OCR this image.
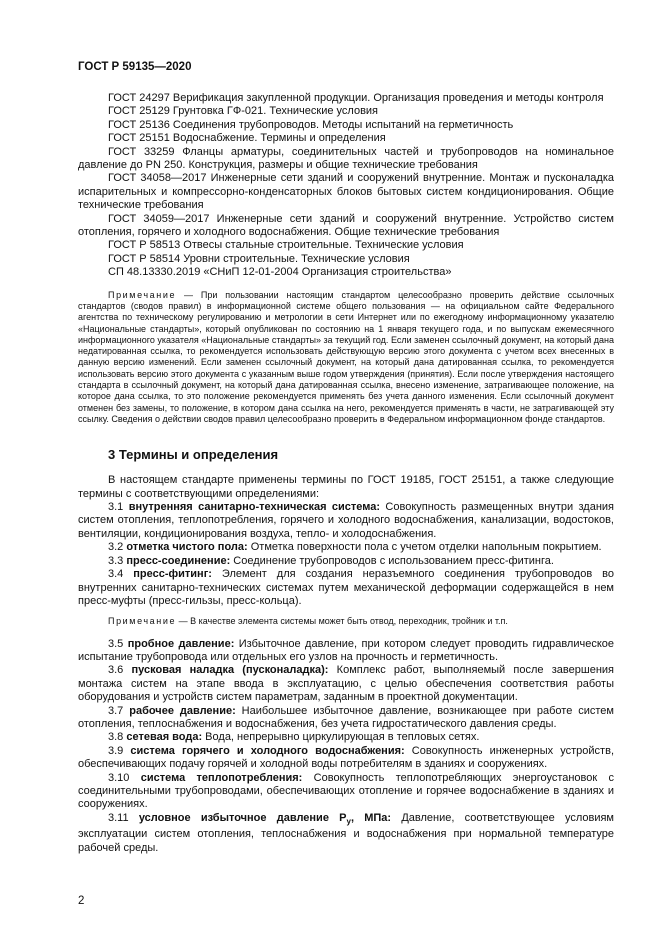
ГОСТ Р 59135—2020

ГОСТ 24297 Верификация закупленной продукции. Организация проведения и методы контроля

ГОСТ 25129 Грунтовка ГФ-021. Технические условия

ГОСТ 25136 Соединения трубопроводов. Методы испытаний на герметичность

ГОСТ 25151 Водоснабжение. Термины и определения

ГОСТ 33259 Фланцы арматуры, соединительных частей и трубопроводов на номинальное давление до PN 250. Конструкция, размеры и общие технические требования

ГОСТ 34058—2017 Инженерные сети зданий и сооружений внутренние. Монтаж и пусконаладка испарительных и компрессорно-конденсаторных блоков бытовых систем кондиционирования. Общие технические требования

ГОСТ 34059—2017 Инженерные сети зданий и сооружений внутренние. Устройство систем отопления, горячего и холодного водоснабжения. Общие технические требования

ГОСТ Р 58513 Отвесы стальные строительные. Технические условия

ГОСТ Р 58514 Уровни строительные. Технические условия

СП 48.13330.2019 «СНиП 12-01-2004 Организация строительства»

Примечание — При пользовании настоящим стандартом целесообразно проверить действие ссылочных стандартов (сводов правил) в информационной системе общего пользования — на официальном сайте Федерального агентства по техническому регулированию и метрологии в сети Интернет или по ежегодному информационному указателю «Национальные стандарты», который опубликован по состоянию на 1 января текущего года, и по выпускам ежемесячного информационного указателя «Национальные стандарты» за текущий год. Если заменен ссылочный документ, на который дана недатированная ссылка, то рекомендуется использовать действующую версию этого документа с учетом всех внесенных в данную версию изменений. Если заменен ссылочный документ, на который дана датированная ссылка, то рекомендуется использовать версию этого документа с указанным выше годом утверждения (принятия). Если после утверждения настоящего стандарта в ссылочный документ, на который дана датированная ссылка, внесено изменение, затрагивающее положение, на которое дана ссылка, то это положение рекомендуется применять без учета данного изменения. Если ссылочный документ отменен без замены, то положение, в котором дана ссылка на него, рекомендуется применять в части, не затрагивающей эту ссылку. Сведения о действии сводов правил целесообразно проверить в Федеральном информационном фонде стандартов.

3 Термины и определения

В настоящем стандарте применены термины по ГОСТ 19185, ГОСТ 25151, а также следующие термины с соответствующими определениями:

3.1 внутренняя санитарно-техническая система: Совокупность размещенных внутри здания систем отопления, теплопотребления, горячего и холодного водоснабжения, канализации, водостоков, вентиляции, кондиционирования воздуха, тепло- и холодоснабжения.

3.2 отметка чистого пола: Отметка поверхности пола с учетом отделки напольным покрытием.

3.3 пресс-соединение: Соединение трубопроводов с использованием пресс-фитинга.

3.4 пресс-фитинг: Элемент для создания неразъемного соединения трубопроводов во внутренних санитарно-технических системах путем механической деформации содержащейся в нем пресс-муфты (пресс-гильзы, пресс-кольца).

Примечание — В качестве элемента системы может быть отвод, переходник, тройник и т.п.

3.5 пробное давление: Избыточное давление, при котором следует проводить гидравлическое испытание трубопровода или отдельных его узлов на прочность и герметичность.

3.6 пусковая наладка (пусконаладка): Комплекс работ, выполняемый после завершения монтажа систем на этапе ввода в эксплуатацию, с целью обеспечения соответствия работы оборудования и устройств систем параметрам, заданным в проектной документации.

3.7 рабочее давление: Наибольшее избыточное давление, возникающее при работе систем отопления, теплоснабжения и водоснабжения, без учета гидростатического давления среды.

3.8 сетевая вода: Вода, непрерывно циркулирующая в тепловых сетях.

3.9 система горячего и холодного водоснабжения: Совокупность инженерных устройств, обеспечивающих подачу горячей и холодной воды потребителям в зданиях и сооружениях.

3.10 система теплопотребления: Совокупность теплопотребляющих энергоустановок с соединительными трубопроводами, обеспечивающих отопление и горячее водоснабжение в зданиях и сооружениях.

3.11 условное избыточное давление $P_у$, МПа: Давление, соответствующее условиям эксплуатации систем отопления, теплоснабжения и водоснабжения при нормальной температуре рабочей среды.

2
